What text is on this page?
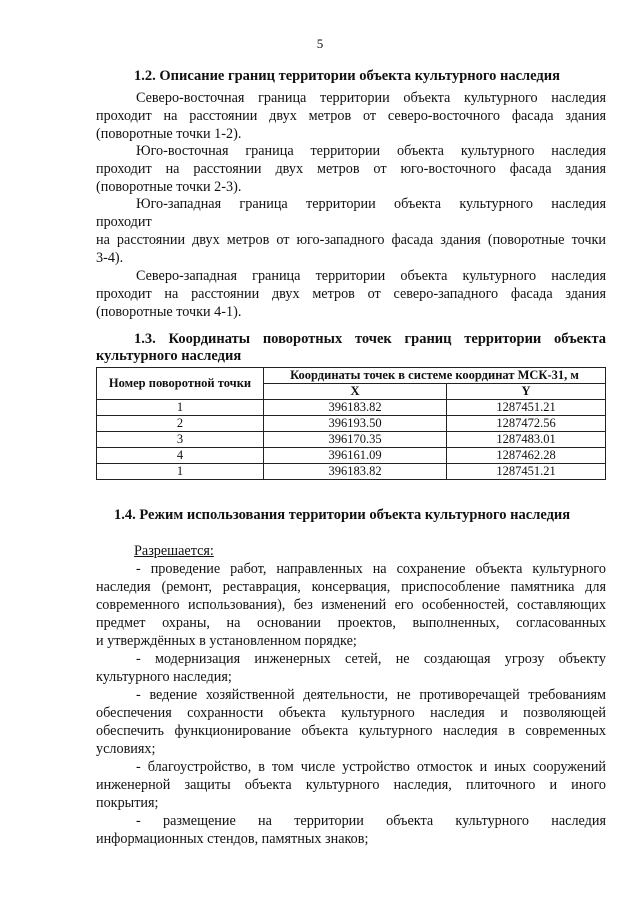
5
1.2. Описание границ территории объекта культурного наследия
Северо-восточная граница территории объекта культурного наследия
проходит на расстоянии двух метров от северо-восточного фасада здания
(поворотные точки 1-2).
Юго-восточная граница территории объекта культурного наследия
проходит на расстоянии двух метров от юго-восточного фасада здания
(поворотные точки 2-3).
Юго-западная граница территории объекта культурного наследия
проходит
на расстоянии двух метров от юго-западного фасада здания (поворотные точки
3-4).
Северо-западная граница территории объекта культурного наследия
проходит на расстоянии двух метров от северо-западного фасада здания
(поворотные точки 4-1).
1.3. Координаты поворотных точек границ территории объекта
культурного наследия
Номер поворотной точки	Координаты точек в системе координат МСК-31, м	
	X	Y
1	396183.82	1287451.21
2	396193.50	1287472.56
3	396170.35	1287483.01
4	396161.09	1287462.28
1	396183.82	1287451.21
1.4. Режим использования территории объекта культурного наследия
Разрешается:
- проведение работ, направленных на сохранение объекта культурного
наследия (ремонт, реставрация, консервация, приспособление памятника для
современного использования), без изменений его особенностей, составляющих
предмет охраны, на основании проектов, выполненных, согласованных
и утверждённых в установленном порядке;
- модернизация инженерных сетей, не создающая угрозу объекту
культурного наследия;
- ведение хозяйственной деятельности, не противоречащей требованиям
обеспечения сохранности объекта культурного наследия и позволяющей
обеспечить функционирование объекта культурного наследия в современных
условиях;
- благоустройство, в том числе устройство отмосток и иных сооружений
инженерной защиты объекта культурного наследия, плиточного и иного
покрытия;
- размещение на территории объекта культурного наследия
информационных стендов, памятных знаков;
